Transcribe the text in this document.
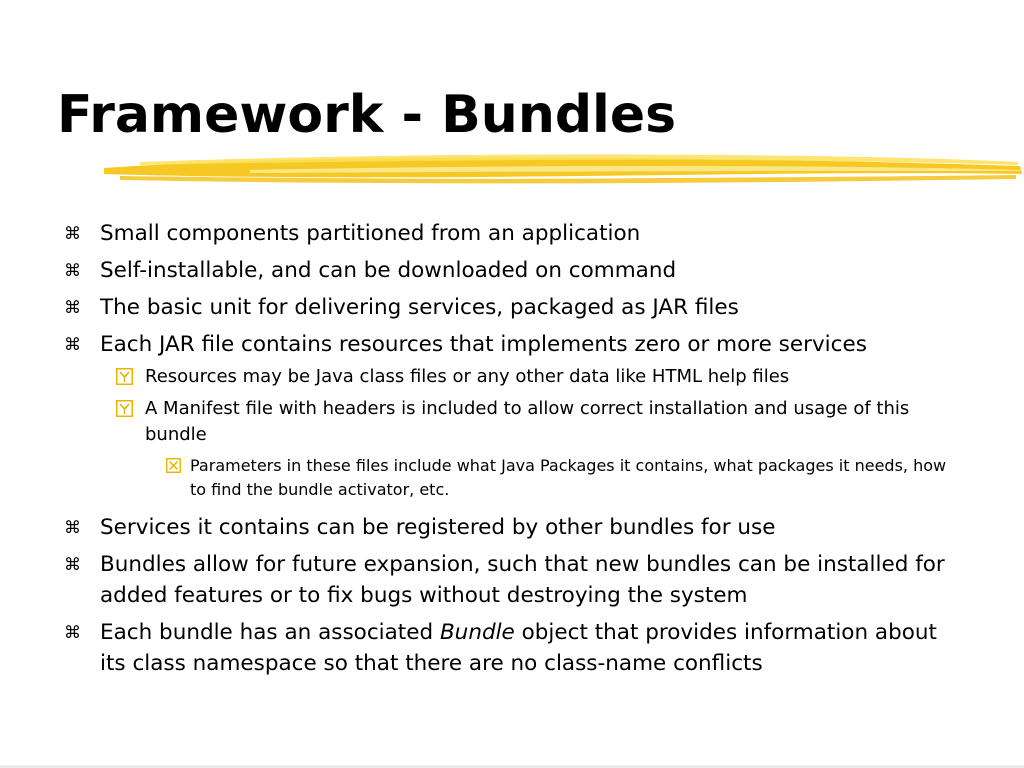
Framework - Bundles

⌘ Small components partitioned from an application

⌘ Self-installable, and can be downloaded on command

⌘ The basic unit for delivering services, packaged as JAR files

⌘ Each JAR file contains resources that implements zero or more services

Resources may be Java class files or any other data like HTML help files

A Manifest file with headers is included to allow correct installation and usage of this bundle

Parameters in these files include what Java Packages it contains, what packages it needs, how to find the bundle activator, etc.

⌘ Services it contains can be registered by other bundles for use

⌘ Bundles allow for future expansion, such that new bundles can be installed for added features or to fix bugs without destroying the system

⌘ Each bundle has an associated Bundle object that provides information about its class namespace so that there are no class-name conflicts
